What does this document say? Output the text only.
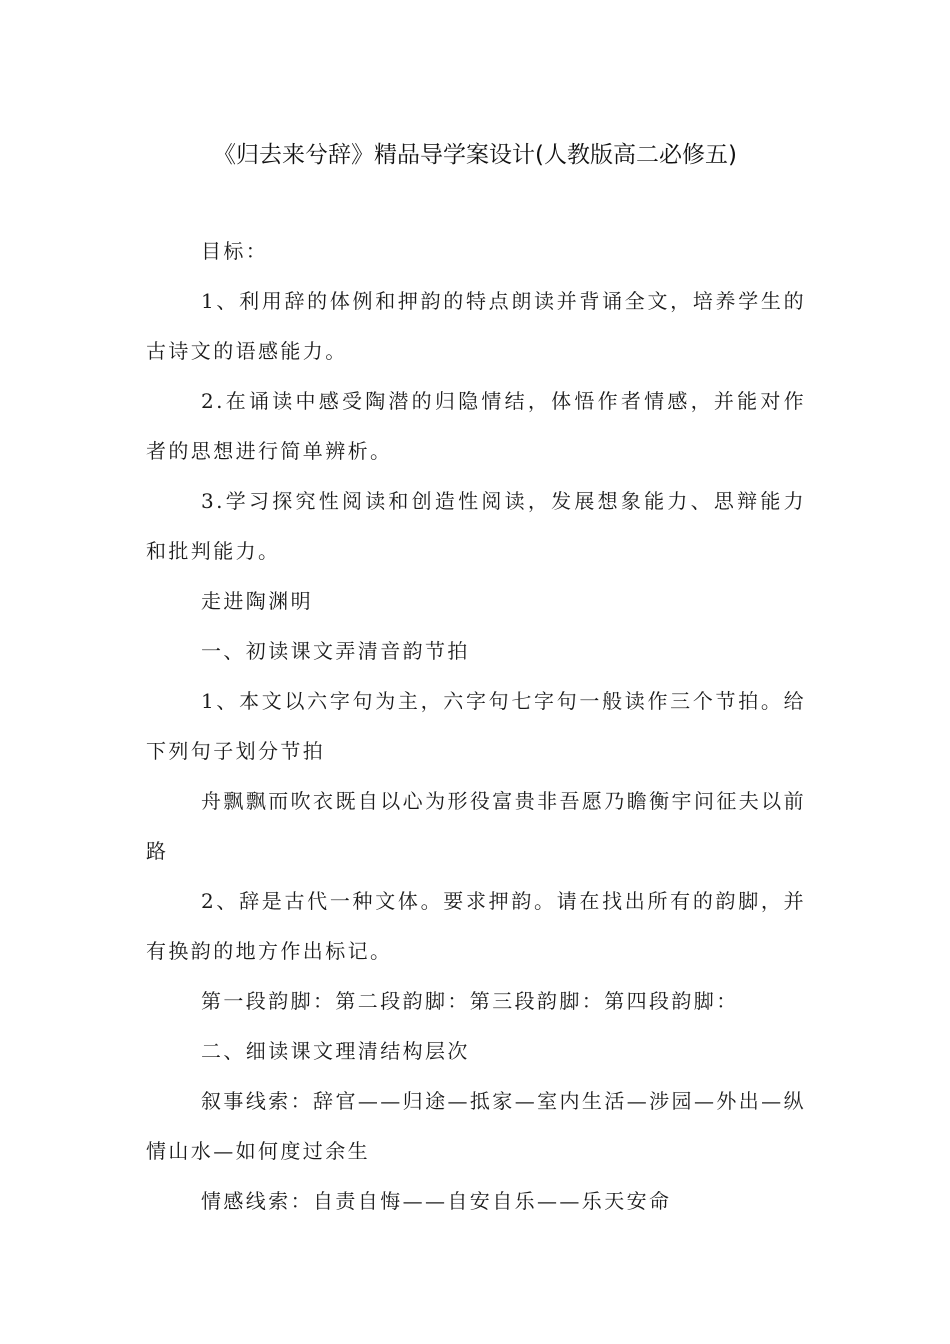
《归去来兮辞》精品导学案设计(人教版高二必修五)

目标：

1、利用辞的体例和押韵的特点朗读并背诵全文，培养学生的古诗文的语感能力。

2.在诵读中感受陶潜的归隐情结，体悟作者情感，并能对作者的思想进行简单辨析。

3.学习探究性阅读和创造性阅读，发展想象能力、思辩能力和批判能力。

走进陶渊明

一、初读课文弄清音韵节拍

1、本文以六字句为主，六字句七字句一般读作三个节拍。给下列句子划分节拍

舟飘飘而吹衣既自以心为形役富贵非吾愿乃瞻衡宇问征夫以前路

2、辞是古代一种文体。要求押韵。请在找出所有的韵脚，并有换韵的地方作出标记。

第一段韵脚：第二段韵脚：第三段韵脚：第四段韵脚：

二、细读课文理清结构层次

叙事线索：辞官——归途—抵家—室内生活—涉园—外出—纵情山水—如何度过余生

情感线索：自责自悔——自安自乐——乐天安命
